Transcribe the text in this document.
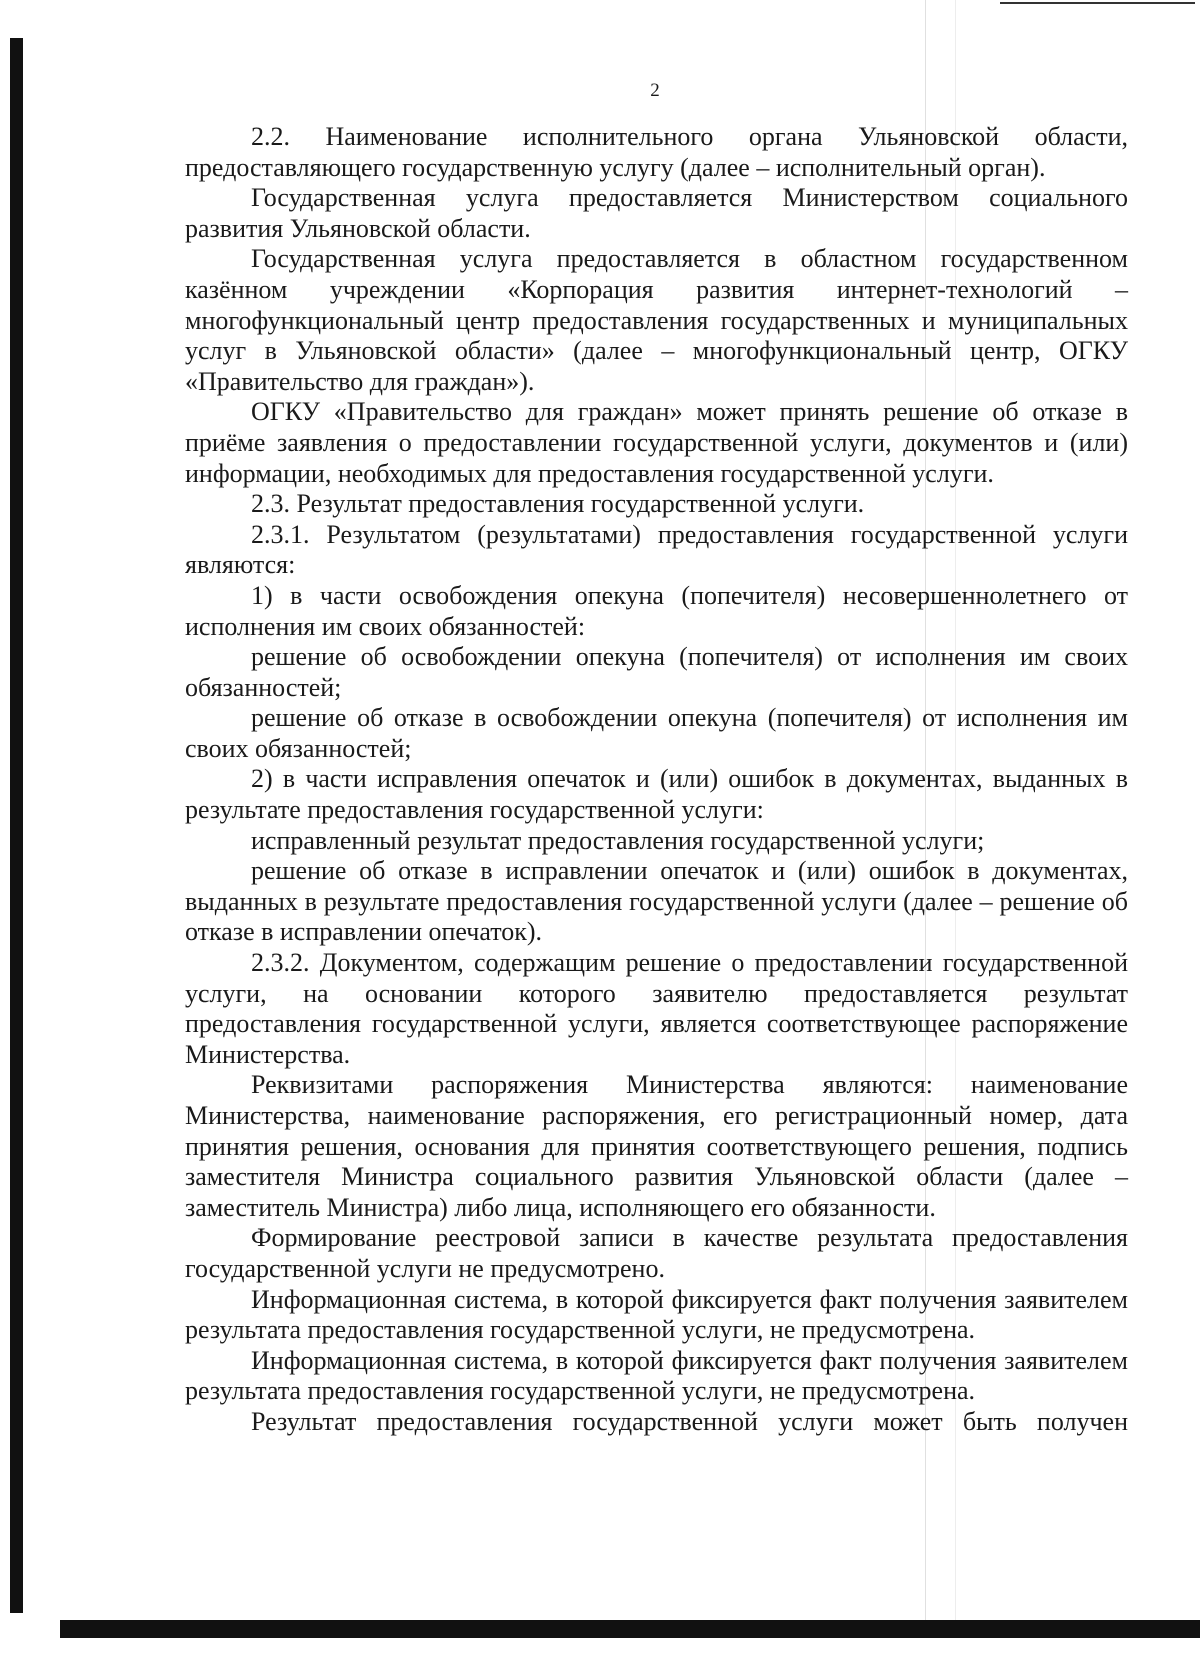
2

2.2. Наименование исполнительного органа Ульяновской области, предоставляющего государственную услугу (далее – исполнительный орган).

Государственная услуга предоставляется Министерством социального развития Ульяновской области.

Государственная услуга предоставляется в областном государственном казённом учреждении «Корпорация развития интернет-технологий – многофункциональный центр предоставления государственных и муниципальных услуг в Ульяновской области» (далее – многофункциональный центр, ОГКУ «Правительство для граждан»).

ОГКУ «Правительство для граждан» может принять решение об отказе в приёме заявления о предоставлении государственной услуги, документов и (или) информации, необходимых для предоставления государственной услуги.

2.3. Результат предоставления государственной услуги.

2.3.1. Результатом (результатами) предоставления государственной услуги являются:

1) в части освобождения опекуна (попечителя) несовершеннолетнего от исполнения им своих обязанностей:

решение об освобождении опекуна (попечителя) от исполнения им своих обязанностей;

решение об отказе в освобождении опекуна (попечителя) от исполнения им своих обязанностей;

2) в части исправления опечаток и (или) ошибок в документах, выданных в результате предоставления государственной услуги:

исправленный результат предоставления государственной услуги;

решение об отказе в исправлении опечаток и (или) ошибок в документах, выданных в результате предоставления государственной услуги (далее – решение об отказе в исправлении опечаток).

2.3.2. Документом, содержащим решение о предоставлении государственной услуги, на основании которого заявителю предоставляется результат предоставления государственной услуги, является соответствующее распоряжение Министерства.

Реквизитами распоряжения Министерства являются: наименование Министерства, наименование распоряжения, его регистрационный номер, дата принятия решения, основания для принятия соответствующего решения, подпись заместителя Министра социального развития Ульяновской области (далее – заместитель Министра) либо лица, исполняющего его обязанности.

Формирование реестровой записи в качестве результата предоставления государственной услуги не предусмотрено.

Информационная система, в которой фиксируется факт получения заявителем результата предоставления государственной услуги, не предусмотрена.

Информационная система, в которой фиксируется факт получения заявителем результата предоставления государственной услуги, не предусмотрена.

Результат предоставления государственной услуги может быть получен
